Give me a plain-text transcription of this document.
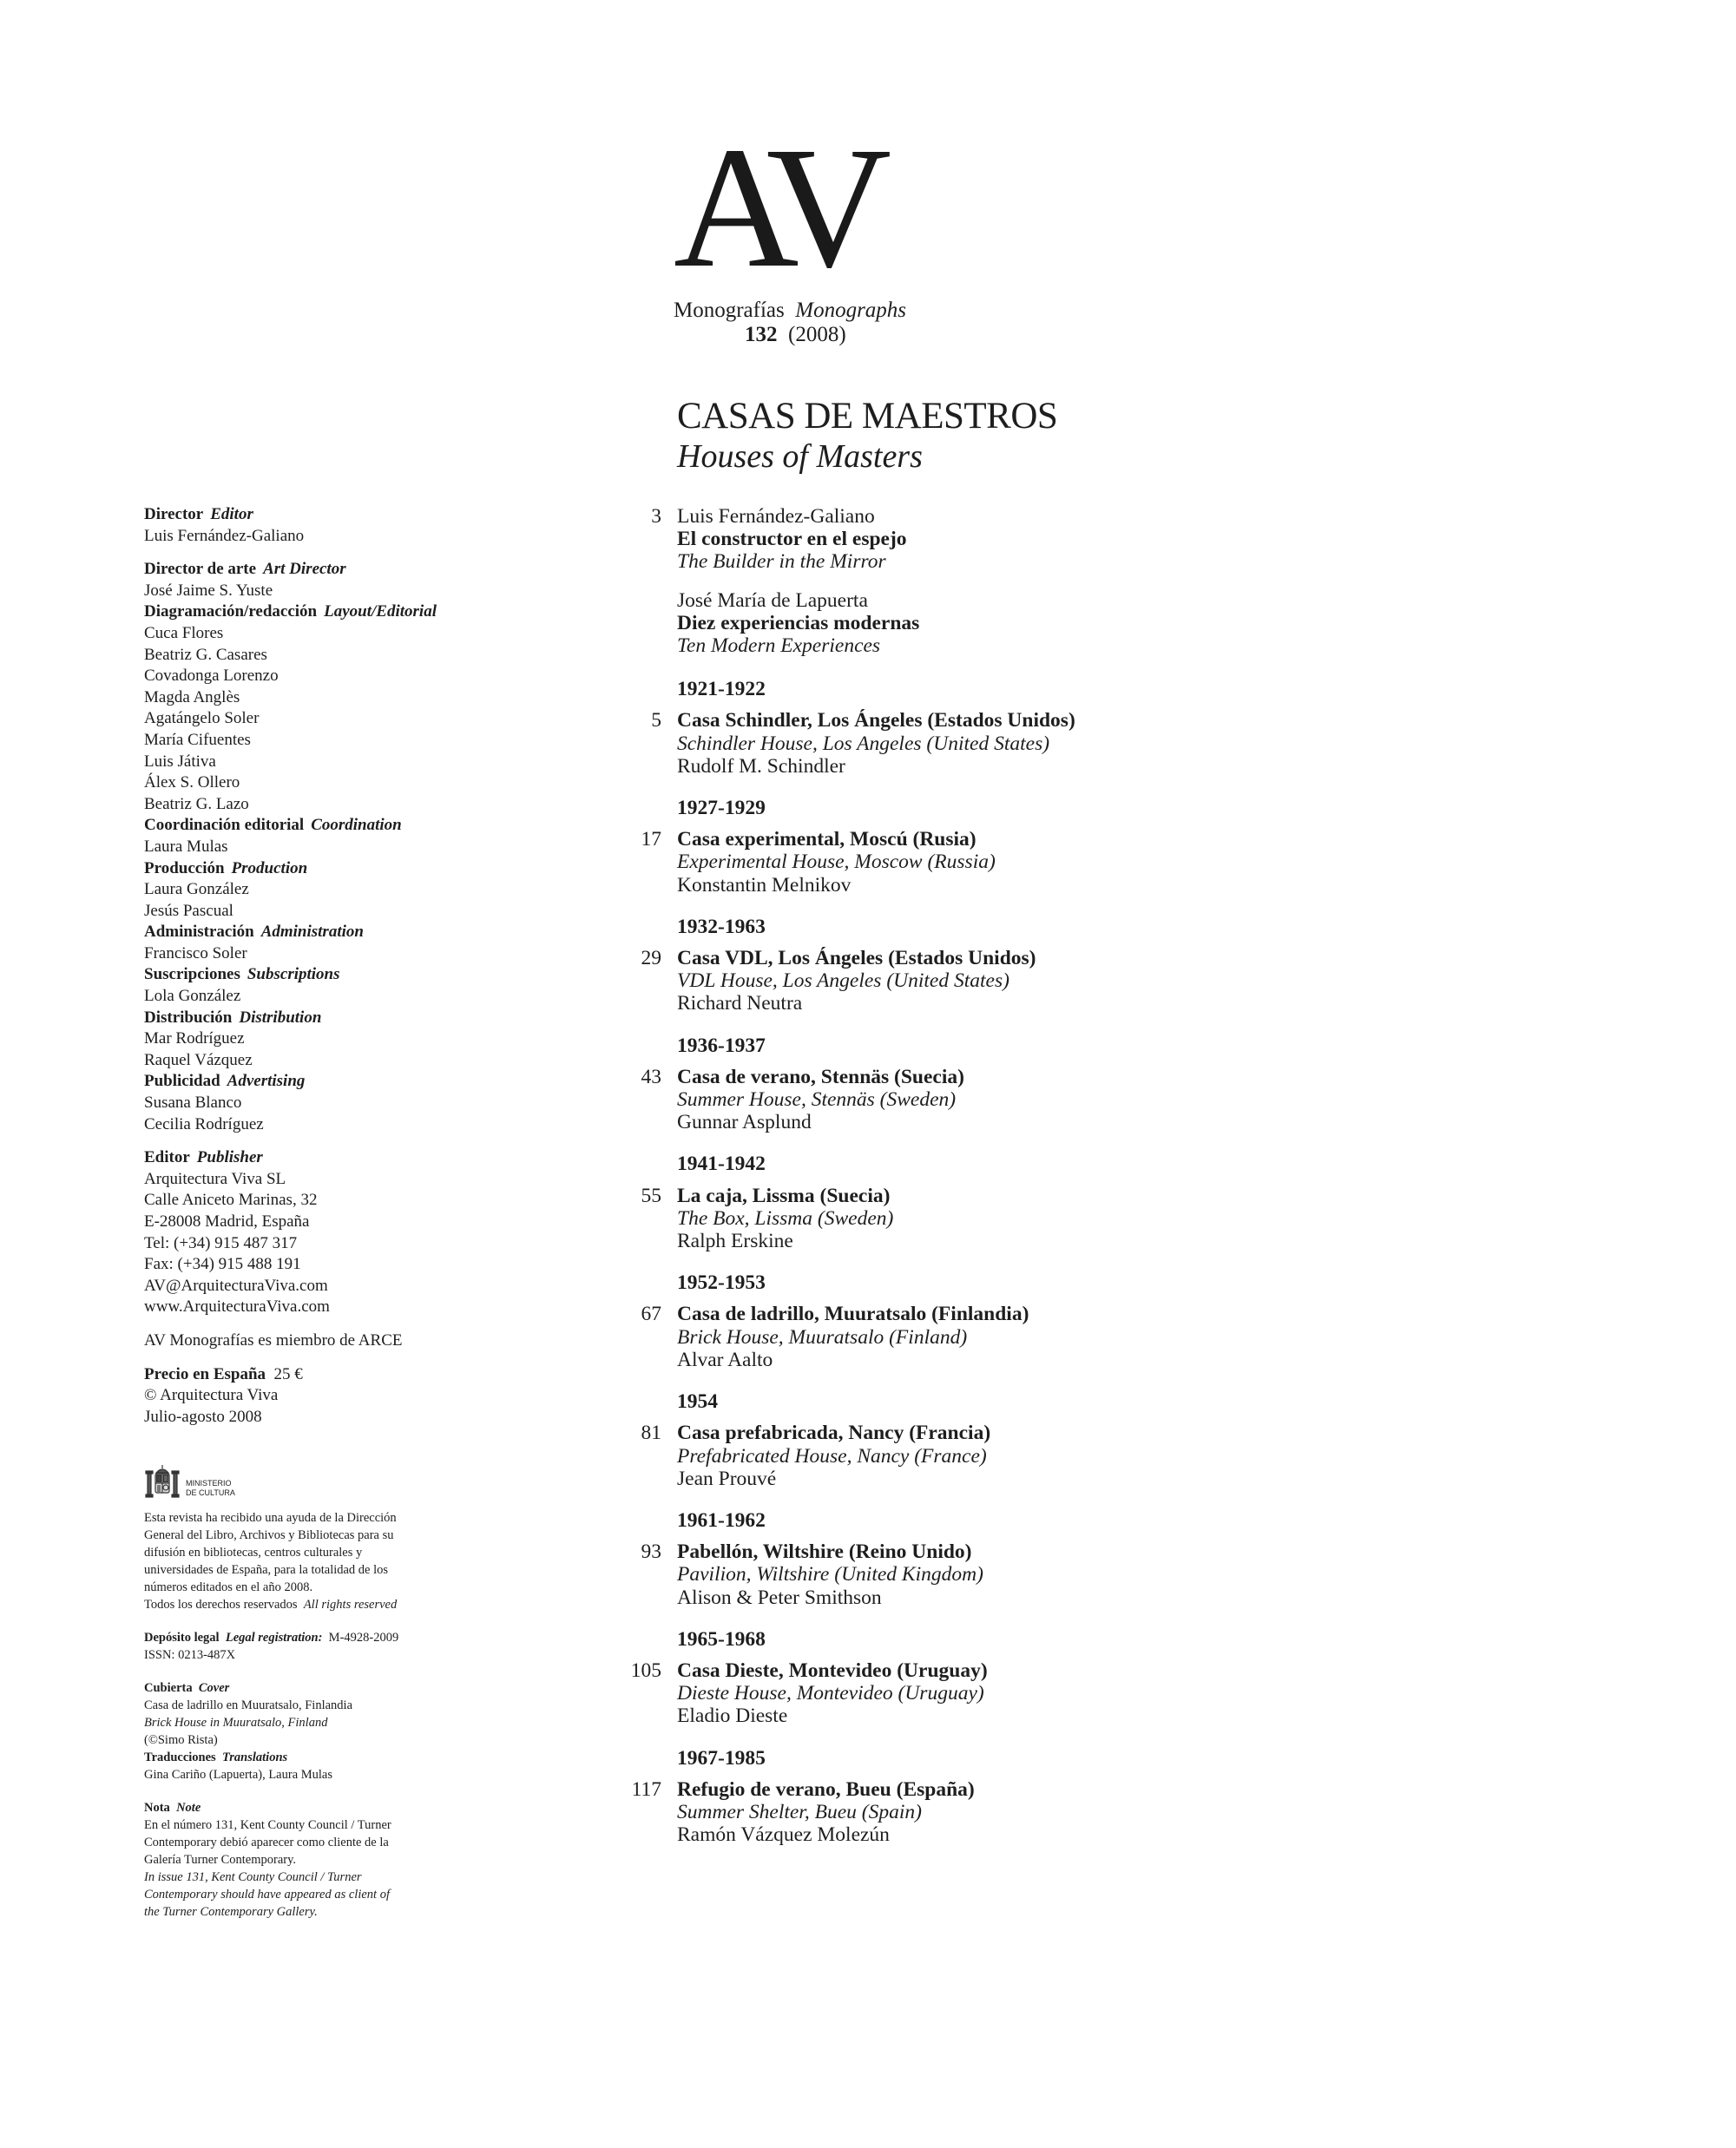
AV
Monografías Monographs
132 (2008)
CASAS DE MAESTROS
Houses of Masters
Director Editor
Luis Fernández-Galiano
Director de arte Art Director
José Jaime S. Yuste
Diagramación/redacción Layout/Editorial
Cuca Flores
Beatriz G. Casares
Covadonga Lorenzo
Magda Anglès
Agatángelo Soler
María Cifuentes
Luis Játiva
Álex S. Ollero
Beatriz G. Lazo
Coordinación editorial Coordination
Laura Mulas
Producción Production
Laura González
Jesús Pascual
Administración Administration
Francisco Soler
Suscripciones Subscriptions
Lola González
Distribución Distribution
Mar Rodríguez
Raquel Vázquez
Publicidad Advertising
Susana Blanco
Cecilia Rodríguez
Editor Publisher
Arquitectura Viva SL
Calle Aniceto Marinas, 32
E-28008 Madrid, España
Tel: (+34) 915 487 317
Fax: (+34) 915 488 191
AV@ArquitecturaViva.com
www.ArquitecturaViva.com
AV Monografías es miembro de ARCE
Precio en España 25 €
© Arquitectura Viva
Julio-agosto 2008
MINISTERIO
DE CULTURA
Esta revista ha recibido una ayuda de la Dirección
General del Libro, Archivos y Bibliotecas para su
difusión en bibliotecas, centros culturales y
universidades de España, para la totalidad de los
números editados en el año 2008.
Todos los derechos reservados All rights reserved
Depósito legal Legal registration: M-4928-2009
ISSN: 0213-487X
Cubierta Cover
Casa de ladrillo en Muuratsalo, Finlandia
Brick House in Muuratsalo, Finland
(©Simo Rista)
Traducciones Translations
Gina Cariño (Lapuerta), Laura Mulas
Nota Note
En el número 131, Kent County Council / Turner
Contemporary debió aparecer como cliente de la
Galería Turner Contemporary.
In issue 131, Kent County Council / Turner
Contemporary should have appeared as client of
the Turner Contemporary Gallery.
3 Luis Fernández-Galiano
El constructor en el espejo
The Builder in the Mirror
José María de Lapuerta
Diez experiencias modernas
Ten Modern Experiences
1921-1922
5 Casa Schindler, Los Ángeles (Estados Unidos)
Schindler House, Los Angeles (United States)
Rudolf M. Schindler
1927-1929
17 Casa experimental, Moscú (Rusia)
Experimental House, Moscow (Russia)
Konstantin Melnikov
1932-1963
29 Casa VDL, Los Ángeles (Estados Unidos)
VDL House, Los Angeles (United States)
Richard Neutra
1936-1937
43 Casa de verano, Stennäs (Suecia)
Summer House, Stennäs (Sweden)
Gunnar Asplund
1941-1942
55 La caja, Lissma (Suecia)
The Box, Lissma (Sweden)
Ralph Erskine
1952-1953
67 Casa de ladrillo, Muuratsalo (Finlandia)
Brick House, Muuratsalo (Finland)
Alvar Aalto
1954
81 Casa prefabricada, Nancy (Francia)
Prefabricated House, Nancy (France)
Jean Prouvé
1961-1962
93 Pabellón, Wiltshire (Reino Unido)
Pavilion, Wiltshire (United Kingdom)
Alison & Peter Smithson
1965-1968
105 Casa Dieste, Montevideo (Uruguay)
Dieste House, Montevideo (Uruguay)
Eladio Dieste
1967-1985
117 Refugio de verano, Bueu (España)
Summer Shelter, Bueu (Spain)
Ramón Vázquez Molezún
